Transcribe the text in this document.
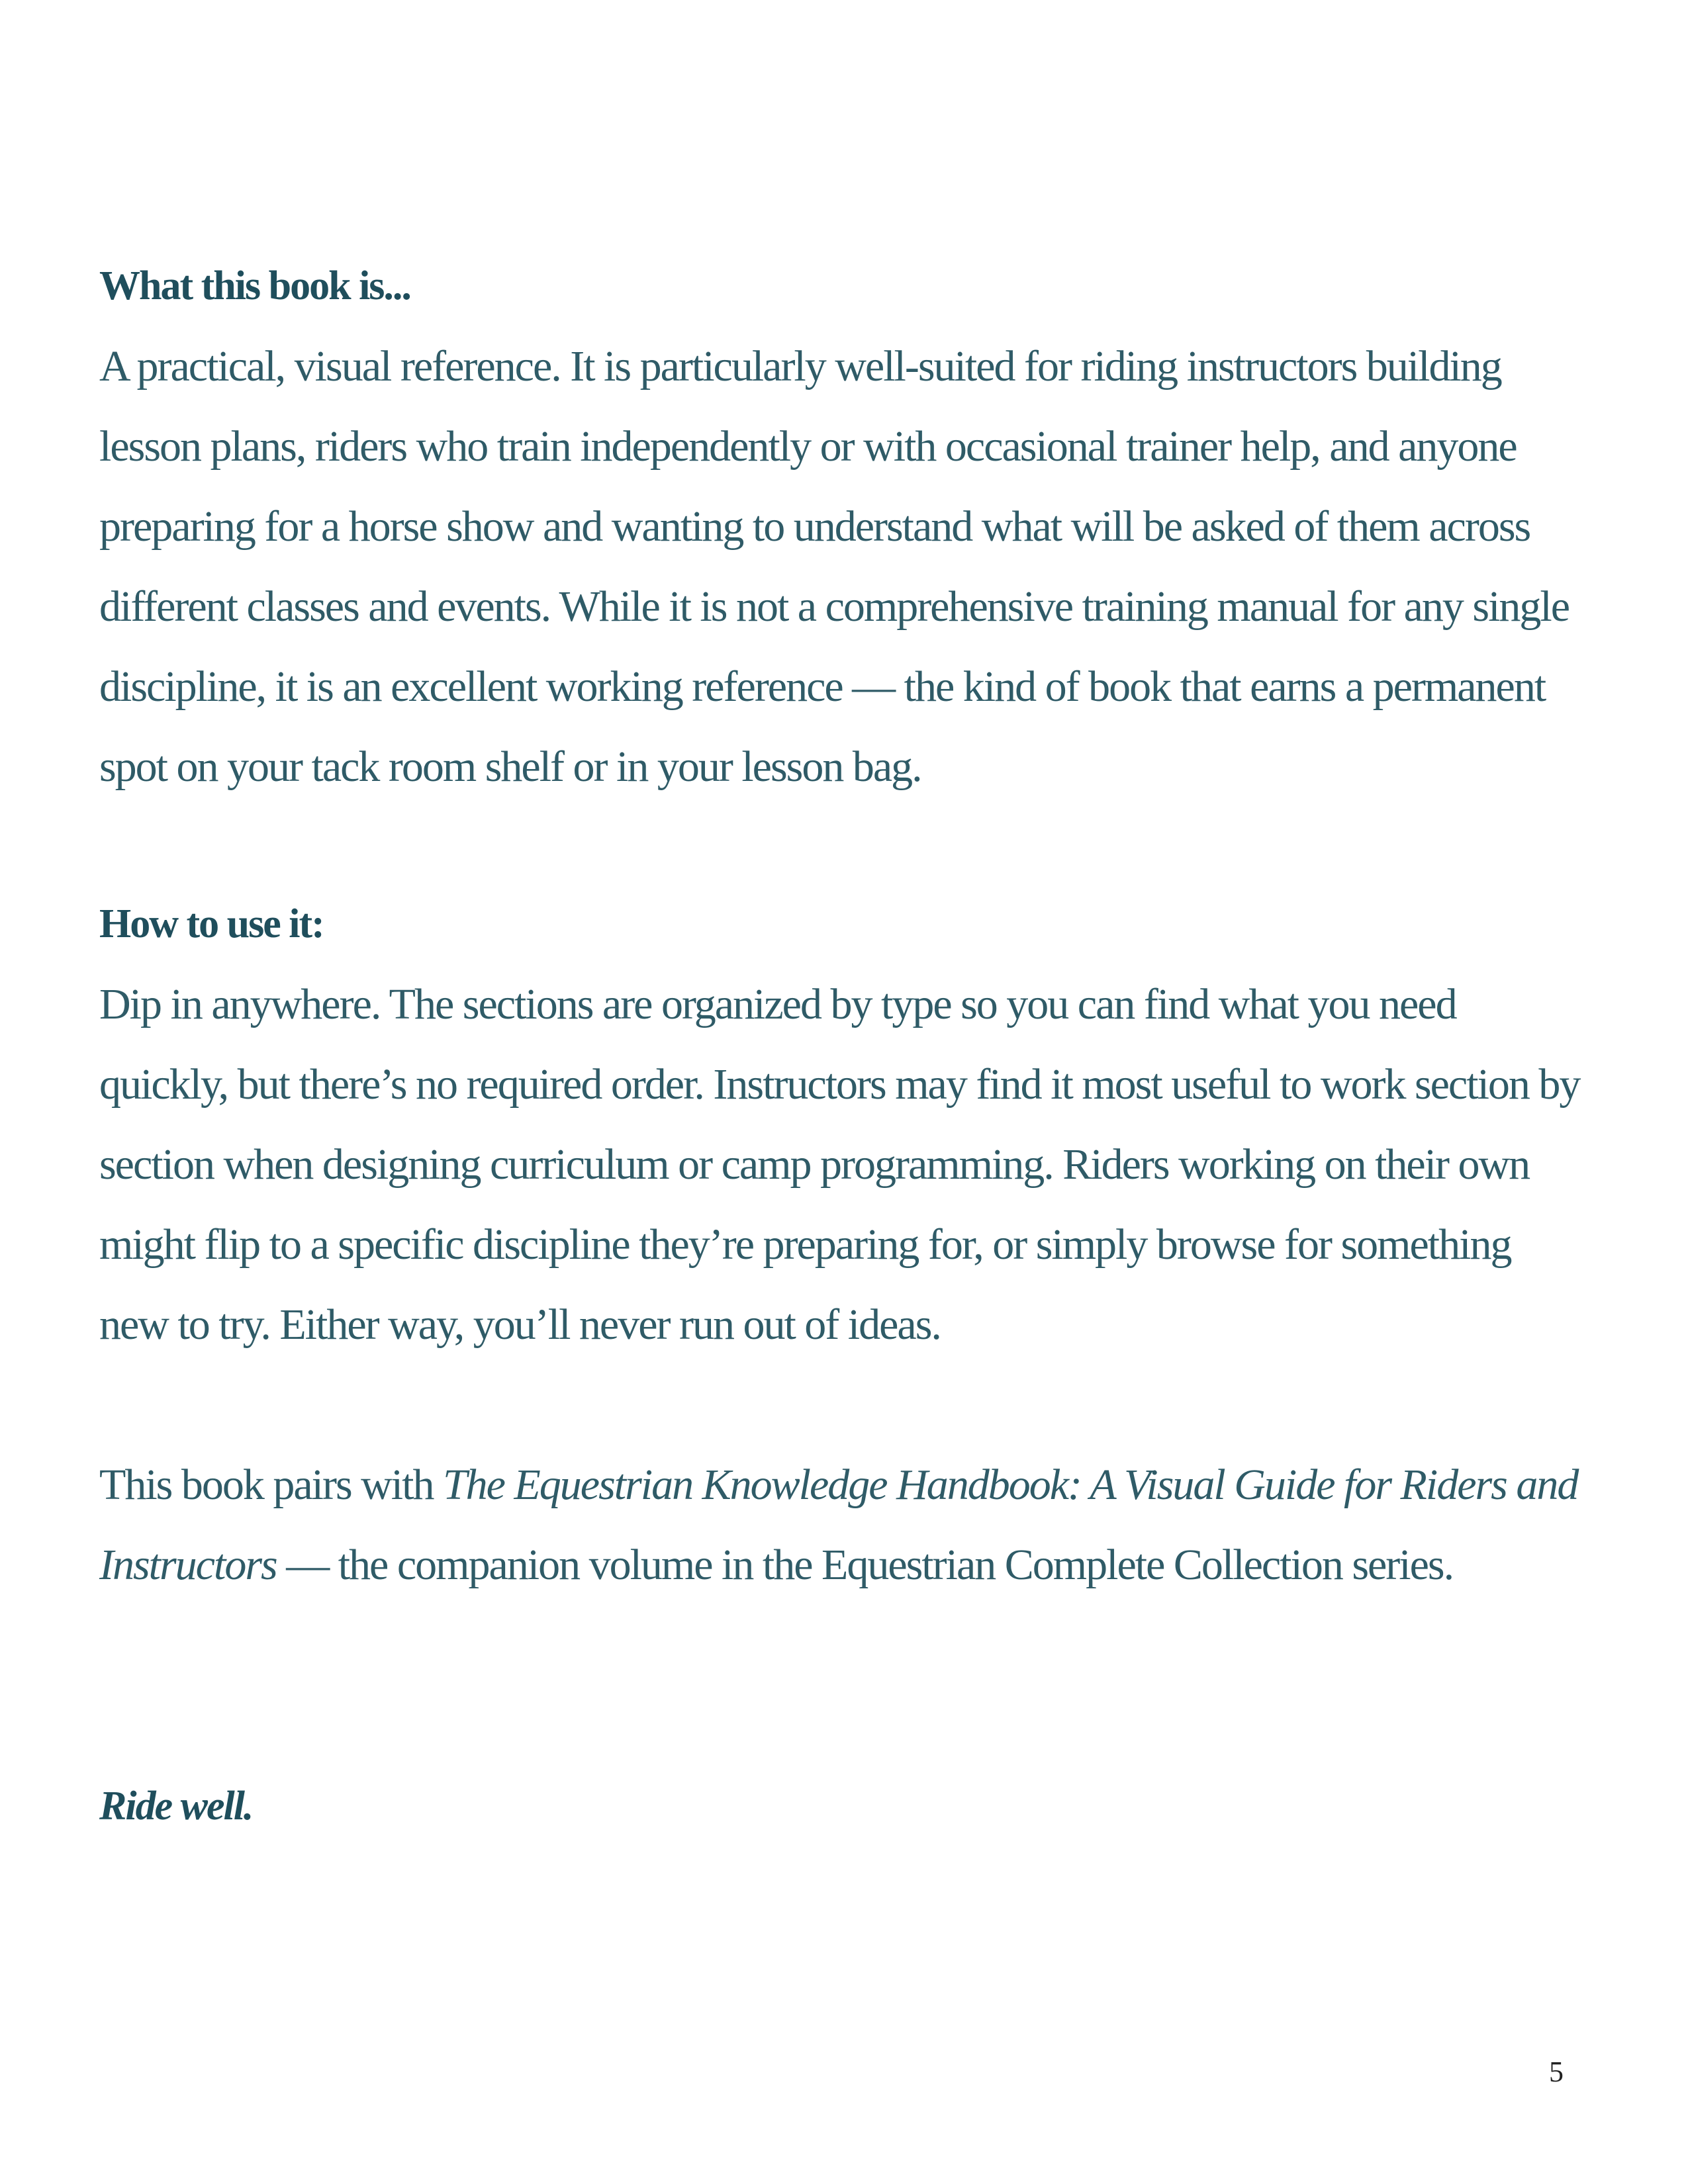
What this book is...

A practical, visual reference. It is particularly well-suited for riding instructors building lesson plans, riders who train independently or with occasional trainer help, and anyone preparing for a horse show and wanting to understand what will be asked of them across different classes and events. While it is not a comprehensive training manual for any single discipline, it is an excellent working reference — the kind of book that earns a permanent spot on your tack room shelf or in your lesson bag.

How to use it:

Dip in anywhere. The sections are organized by type so you can find what you need quickly, but there’s no required order. Instructors may find it most useful to work section by section when designing curriculum or camp programming. Riders working on their own might flip to a specific discipline they’re preparing for, or simply browse for something new to try. Either way, you’ll never run out of ideas.

This book pairs with The Equestrian Knowledge Handbook: A Visual Guide for Riders and
Instructors — the companion volume in the Equestrian Complete Collection series.

Ride well.

5
